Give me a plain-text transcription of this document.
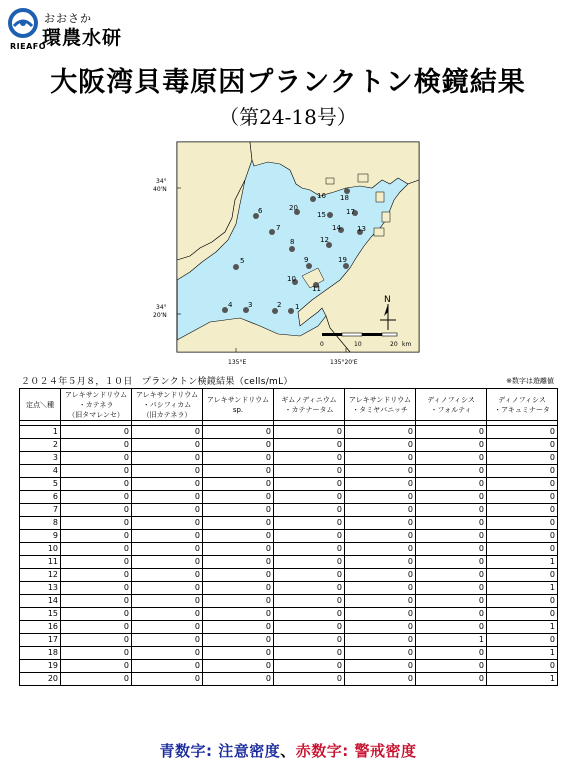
おおさか
環農水研
RIEAFO
大阪湾貝毒原因プランクトン検鏡結果
（第24-18号）
34°
40'N
34°
20'N
135°E	135°20'E
N
0	10	20 km
1
2
3
4
5
6
7
8
9
10
11
12
13
14
15
16
17
18
19
20
２０２４年５月８，１０日　プランクトン検鏡結果（cells/mL）	※数字は遊離値
定点＼種	アレキサンドリウム
・カテネラ
（旧タマレンセ）	アレキサンドリウム
・パシフィカム
（旧カテネラ）	アレキサンドリウム
sp.	ギムノディニウム
・カテナータム	アレキサンドリウム
・タミヤバニッチ	ディノフィシス
・フォルティ	ディノフィシス
・アキュミナータ

1	0	0	0	0	0	0	0
2	0	0	0	0	0	0	0
3	0	0	0	0	0	0	0
4	0	0	0	0	0	0	0
5	0	0	0	0	0	0	0
6	0	0	0	0	0	0	0
7	0	0	0	0	0	0	0
8	0	0	0	0	0	0	0
9	0	0	0	0	0	0	0
10	0	0	0	0	0	0	0
11	0	0	0	0	0	0	1
12	0	0	0	0	0	0	0
13	0	0	0	0	0	0	1
14	0	0	0	0	0	0	0
15	0	0	0	0	0	0	0
16	0	0	0	0	0	0	1
17	0	0	0	0	0	1	0
18	0	0	0	0	0	0	1
19	0	0	0	0	0	0	0
20	0	0	0	0	0	0	1
青数字: 注意密度、赤数字: 警戒密度
